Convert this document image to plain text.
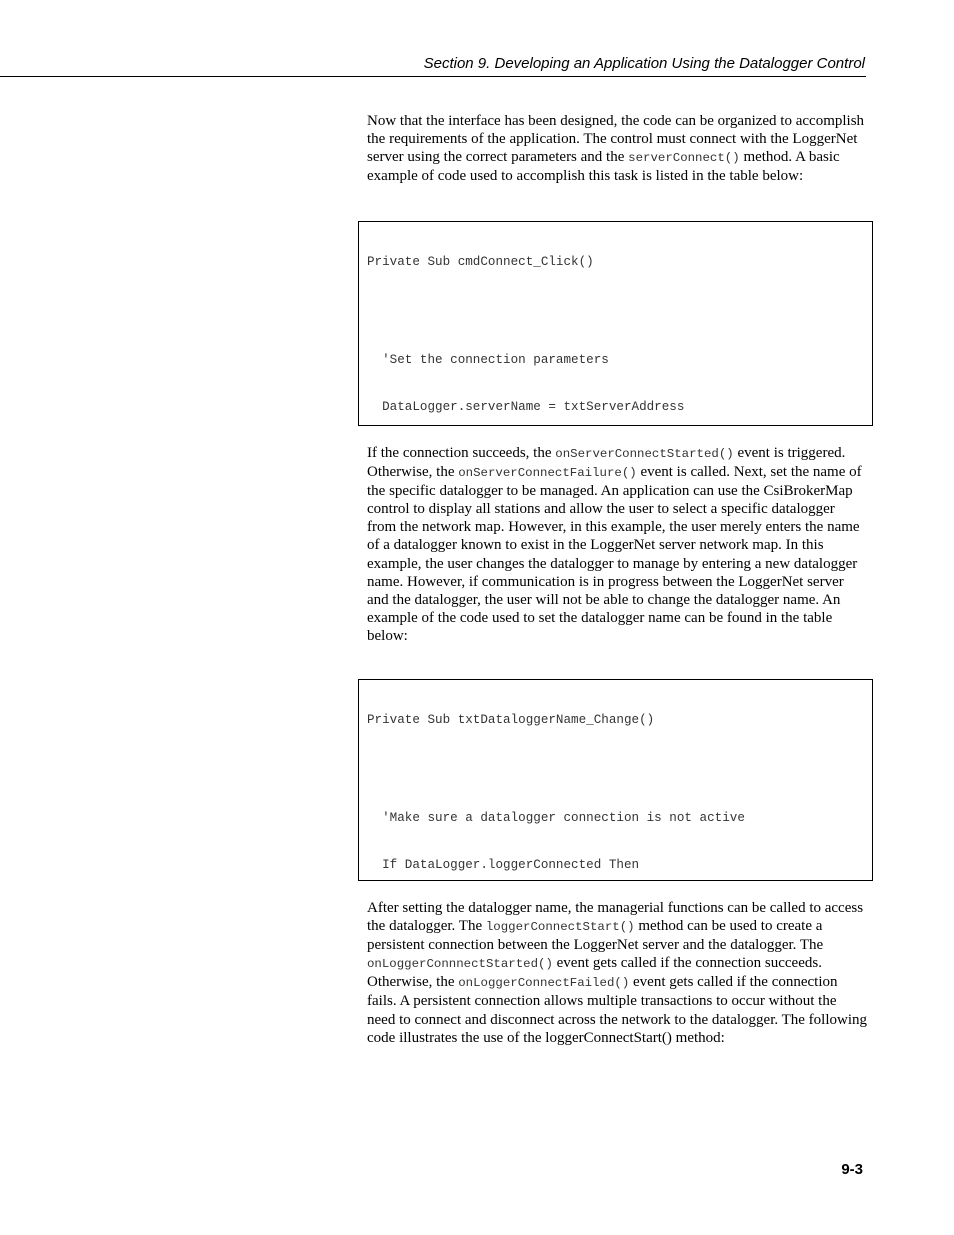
Section 9. Developing an Application Using the Datalogger Control

Now that the interface has been designed, the code can be organized to accomplish the requirements of the application. The control must connect with the LoggerNet server using the correct parameters and the serverConnect() method. A basic example of code used to accomplish this task is listed in the table below:

Private Sub cmdConnect_Click()

'Set the connection parameters

DataLogger.serverName = txtServerAddress

If the connection succeeds, the onServerConnectStarted() event is triggered. Otherwise, the onServerConnectFailure() event is called. Next, set the name of the specific datalogger to be managed. An application can use the CsiBrokerMap control to display all stations and allow the user to select a specific datalogger from the network map. However, in this example, the user merely enters the name of a datalogger known to exist in the LoggerNet server network map. In this example, the user changes the datalogger to manage by entering a new datalogger name. However, if communication is in progress between the LoggerNet server and the datalogger, the user will not be able to change the datalogger name. An example of the code used to set the datalogger name can be found in the table below:

Private Sub txtDataloggerName_Change()

'Make sure a datalogger connection is not active

If DataLogger.loggerConnected Then

After setting the datalogger name, the managerial functions can be called to access the datalogger. The loggerConnectStart() method can be used to create a persistent connection between the LoggerNet server and the datalogger. The onLoggerConnnectStarted() event gets called if the connection succeeds. Otherwise, the onLoggerConnectFailed() event gets called if the connection fails. A persistent connection allows multiple transactions to occur without the need to connect and disconnect across the network to the datalogger. The following code illustrates the use of the loggerConnectStart() method:

9-3
